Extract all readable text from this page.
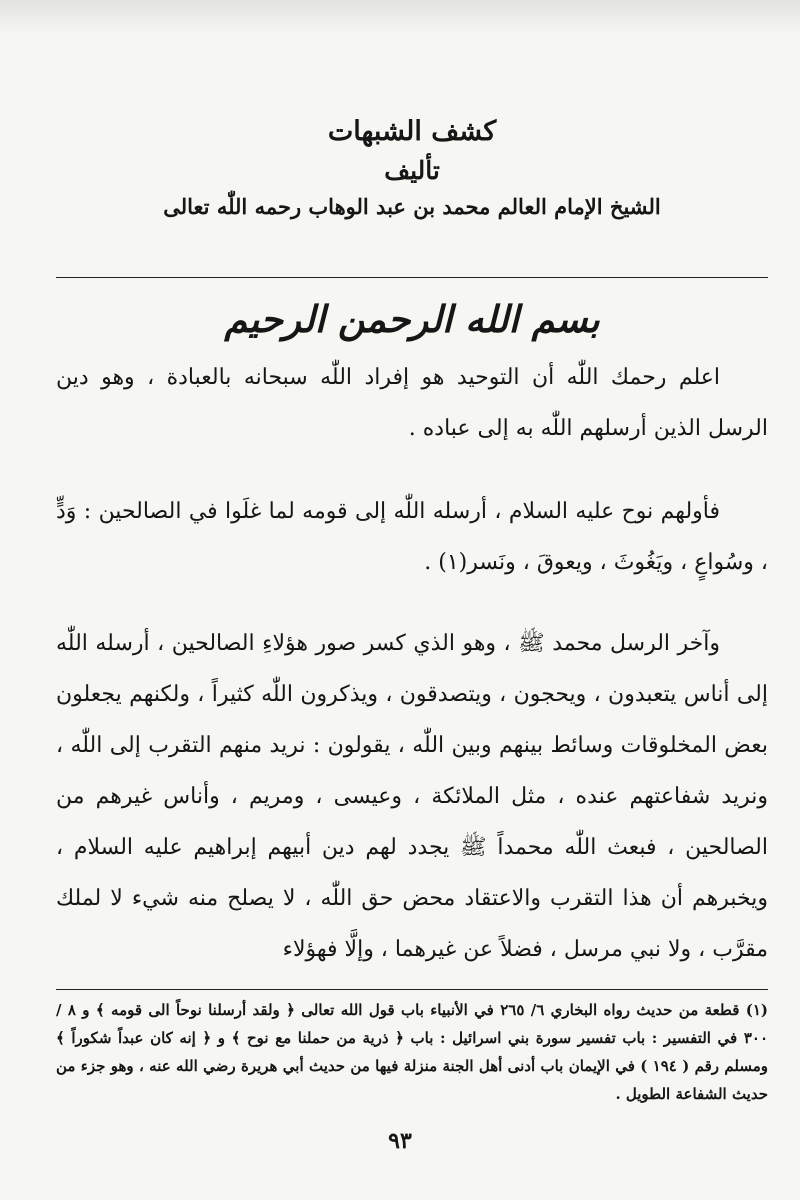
كشف الشبهات

تأليف

الشيخ الإمام العالم محمد بن عبد الوهاب رحمه اللّٰه تعالى

بسم الله الرحمن الرحيم

اعلم رحمك اللّٰه أن التوحيد هو إفراد اللّٰه سبحانه بالعبادة ، وهو دين الرسل الذين أرسلهم اللّٰه به إلى عباده .

فأولهم نوح عليه السلام ، أرسله اللّٰه إلى قومه لما غلَوا في الصالحين : وَدٍّ ، وسُواعٍ ، ويَغُوثَ ، ويعوقَ ، ونَسر(١) .

وآخر الرسل محمد ﷺ ، وهو الذي كسر صور هؤلاءِ الصالحين ، أرسله اللّٰه إلى أناس يتعبدون ، ويحجون ، ويتصدقون ، ويذكرون اللّٰه كثيراً ، ولكنهم يجعلون بعض المخلوقات وسائط بينهم وبين اللّٰه ، يقولون : نريد منهم التقرب إلى اللّٰه ، ونريد شفاعتهم عنده ، مثل الملائكة ، وعيسى ، ومريم ، وأناس غيرهم من الصالحين ، فبعث اللّٰه محمداً ﷺ يجدد لهم دين أبيهم إبراهيم عليه السلام ، ويخبرهم أن هذا التقرب والاعتقاد محض حق اللّٰه ، لا يصلح منه شيء لا لملك مقرَّب ، ولا نبي مرسل ، فضلاً عن غيرهما ، وإلَّا فهؤلاء

(١) قطعة من حديث رواه البخاري ٦/ ٢٦٥ في الأنبياء باب قول الله تعالى ﴿ ولقد أرسلنا نوحاً الى قومه ﴾ و ٨ / ٣٠٠ في التفسير : باب تفسير سورة بني اسرائيل : باب ﴿ ذرية من حملنا مع نوح ﴾ و ﴿ إنه كان عبداً شكوراً ﴾ ومسلم رقم ( ١٩٤ ) في الإيمان باب أدنى أهل الجنة منزلة فيها من حديث أبي هريرة رضي الله عنه ، وهو جزء من حديث الشفاعة الطويل .

٩٣
